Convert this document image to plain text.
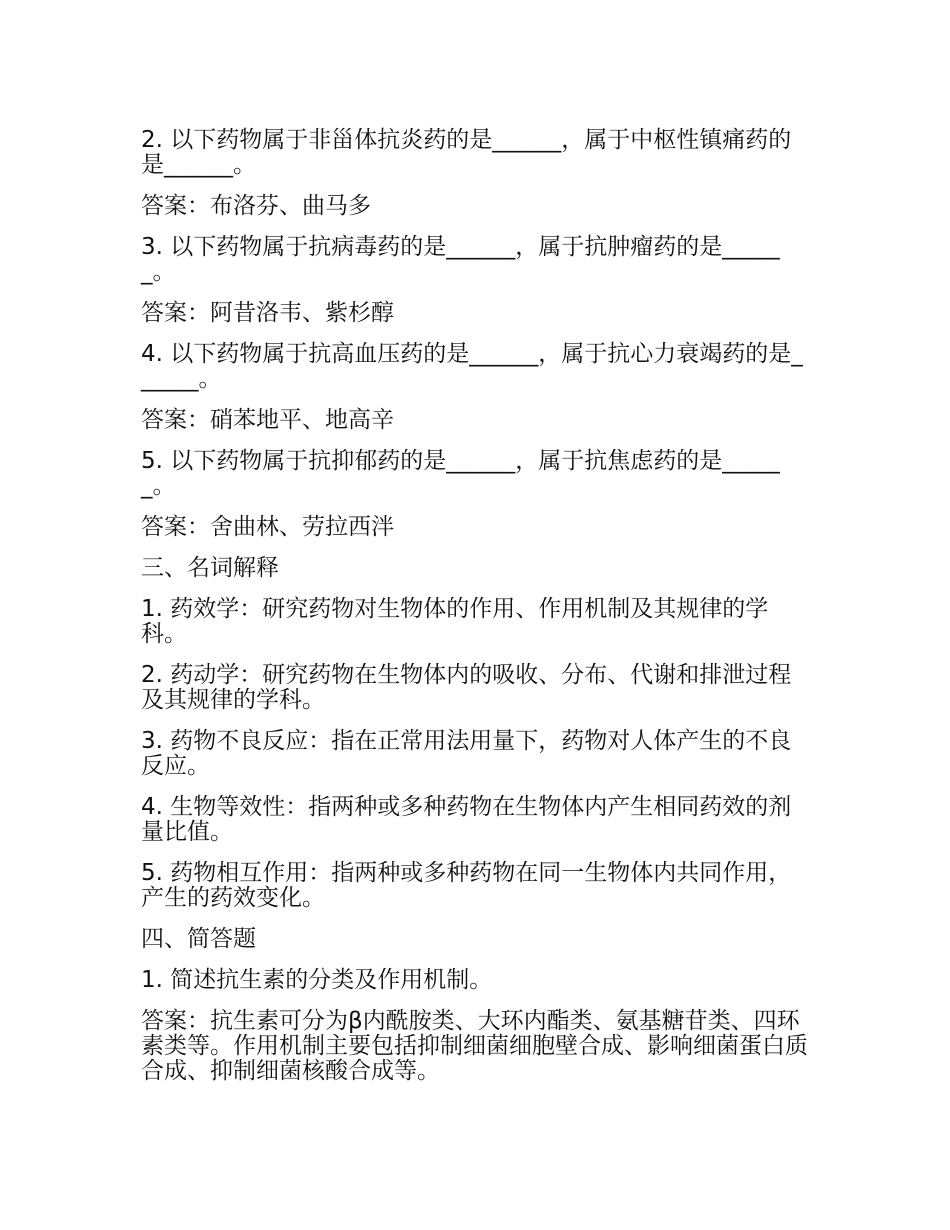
2. 以下药物属于非甾体抗炎药的是______，属于中枢性镇痛药的是______。

答案：布洛芬、曲马多

3. 以下药物属于抗病毒药的是______，属于抗肿瘤药的是______。

答案：阿昔洛韦、紫杉醇

4. 以下药物属于抗高血压药的是______，属于抗心力衰竭药的是______。

答案：硝苯地平、地高辛

5. 以下药物属于抗抑郁药的是______，属于抗焦虑药的是______。

答案：舍曲林、劳拉西泮

三、名词解释

1. 药效学：研究药物对生物体的作用、作用机制及其规律的学科。

2. 药动学：研究药物在生物体内的吸收、分布、代谢和排泄过程及其规律的学科。

3. 药物不良反应：指在正常用法用量下，药物对人体产生的不良反应。

4. 生物等效性：指两种或多种药物在生物体内产生相同药效的剂量比值。

5. 药物相互作用：指两种或多种药物在同一生物体内共同作用，产生的药效变化。

四、简答题

1. 简述抗生素的分类及作用机制。

答案：抗生素可分为β内酰胺类、大环内酯类、氨基糖苷类、四环素类等。作用机制主要包括抑制细菌细胞壁合成、影响细菌蛋白质合成、抑制细菌核酸合成等。
